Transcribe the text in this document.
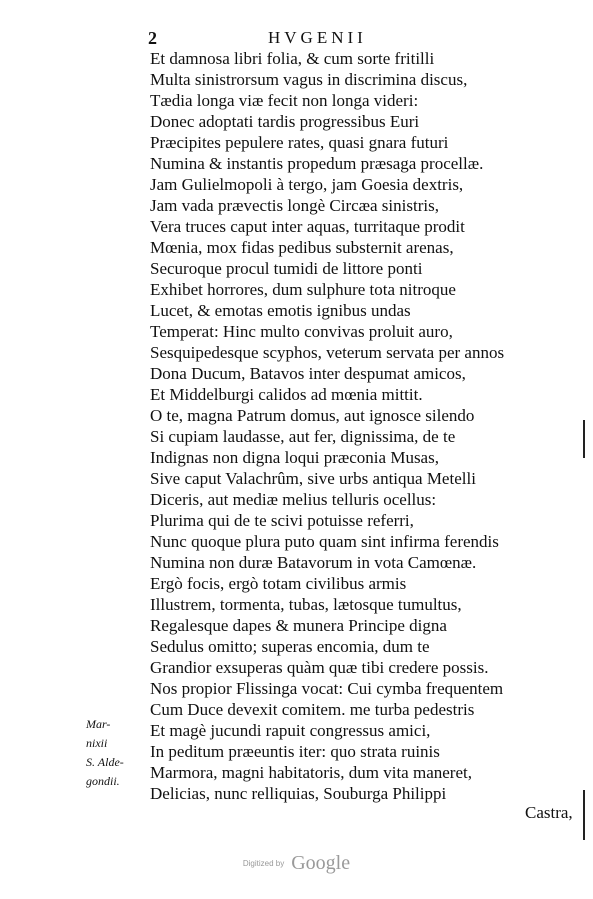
2	HVGENII
Et damnosa libri folia, & cum sorte fritilli
Multa sinistrorsum vagus in discrimina discus,
Tædia longa viæ fecit non longa videri:
Donec adoptati tardis progressibus Euri
Præcipites pepulere rates, quasi gnara futuri
Numina & instantis propedum præsaga procellæ.
Jam Gulielmopoli à tergo, jam Goesia dextris,
Jam vada prævectis longè Circæa sinistris,
Vera truces caput inter aquas, turritaque prodit
Mœnia, mox fidas pedibus substernit arenas,
Securoque procul tumidi de littore ponti
Exhibet horrores, dum sulphure tota nitroque
Lucet, & emotas emotis ignibus undas
Temperat: Hinc multo convivas proluit auro,
Sesquipedesque scyphos, veterum servata per annos
Dona Ducum, Batavos inter despumat amicos,
Et Middelburgi calidos ad mœnia mittit.
O te, magna Patrum domus, aut ignosce silendo
Si cupiam laudasse, aut fer, dignissima, de te
Indignas non digna loqui præconia Musas,
Sive caput Valachrûm, sive urbs antiqua Metelli
Diceris, aut mediæ melius telluris ocellus:
Plurima qui de te scivi potuisse referri,
Nunc quoque plura puto quam sint infirma ferendis
Numina non duræ Batavorum in vota Camœnæ.
Ergò focis, ergò totam civilibus armis
Illustrem, tormenta, tubas, lætosque tumultus,
Regalesque dapes & munera Principe digna
Sedulus omitto; superas encomia, dum te
Grandior exsuperas quàm quæ tibi credere possis.
Nos propior Flissinga vocat: Cui cymba frequentem
Cum Duce devexit comitem. me turba pedestris
Et magè jucundi rapuit congressus amici,
In peditum præeuntis iter: quo strata ruinis
Marmora, magni habitatoris, dum vita maneret,
Delicias, nunc relliquias, Souburga Philippi
Mar-
nixii
S. Alde-
gondii.
Castra,
Digitized by Google
